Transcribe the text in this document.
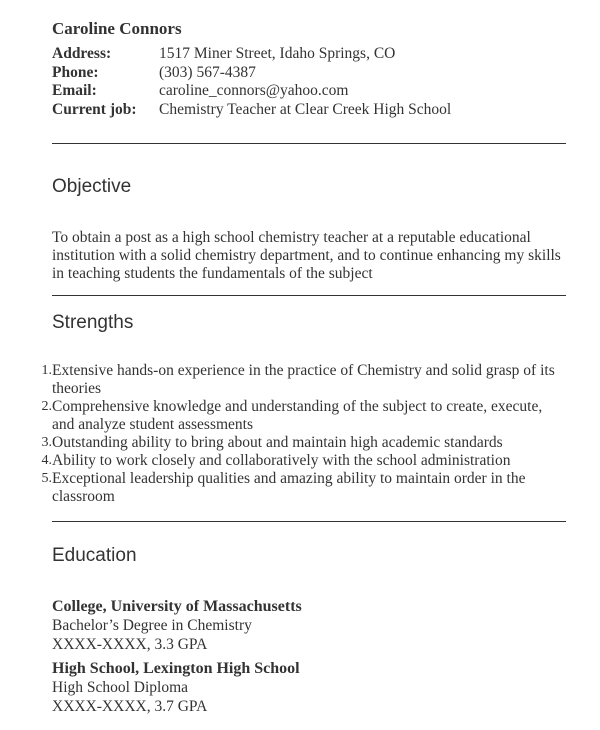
Caroline Connors
Address:	1517 Miner Street, Idaho Springs, CO
Phone:	(303) 567-4387
Email:	caroline_connors@yahoo.com
Current job:	Chemistry Teacher at Clear Creek High School
Objective
To obtain a post as a high school chemistry teacher at a reputable educational institution with a solid chemistry department, and to continue enhancing my skills in teaching students the fundamentals of the subject
Strengths
1. Extensive hands-on experience in the practice of Chemistry and solid grasp of its theories
2. Comprehensive knowledge and understanding of the subject to create, execute, and analyze student assessments
3. Outstanding ability to bring about and maintain high academic standards
4. Ability to work closely and collaboratively with the school administration
5. Exceptional leadership qualities and amazing ability to maintain order in the classroom
Education
College, University of Massachusetts
Bachelor’s Degree in Chemistry
XXXX-XXXX, 3.3 GPA
High School, Lexington High School
High School Diploma
XXXX-XXXX, 3.7 GPA
